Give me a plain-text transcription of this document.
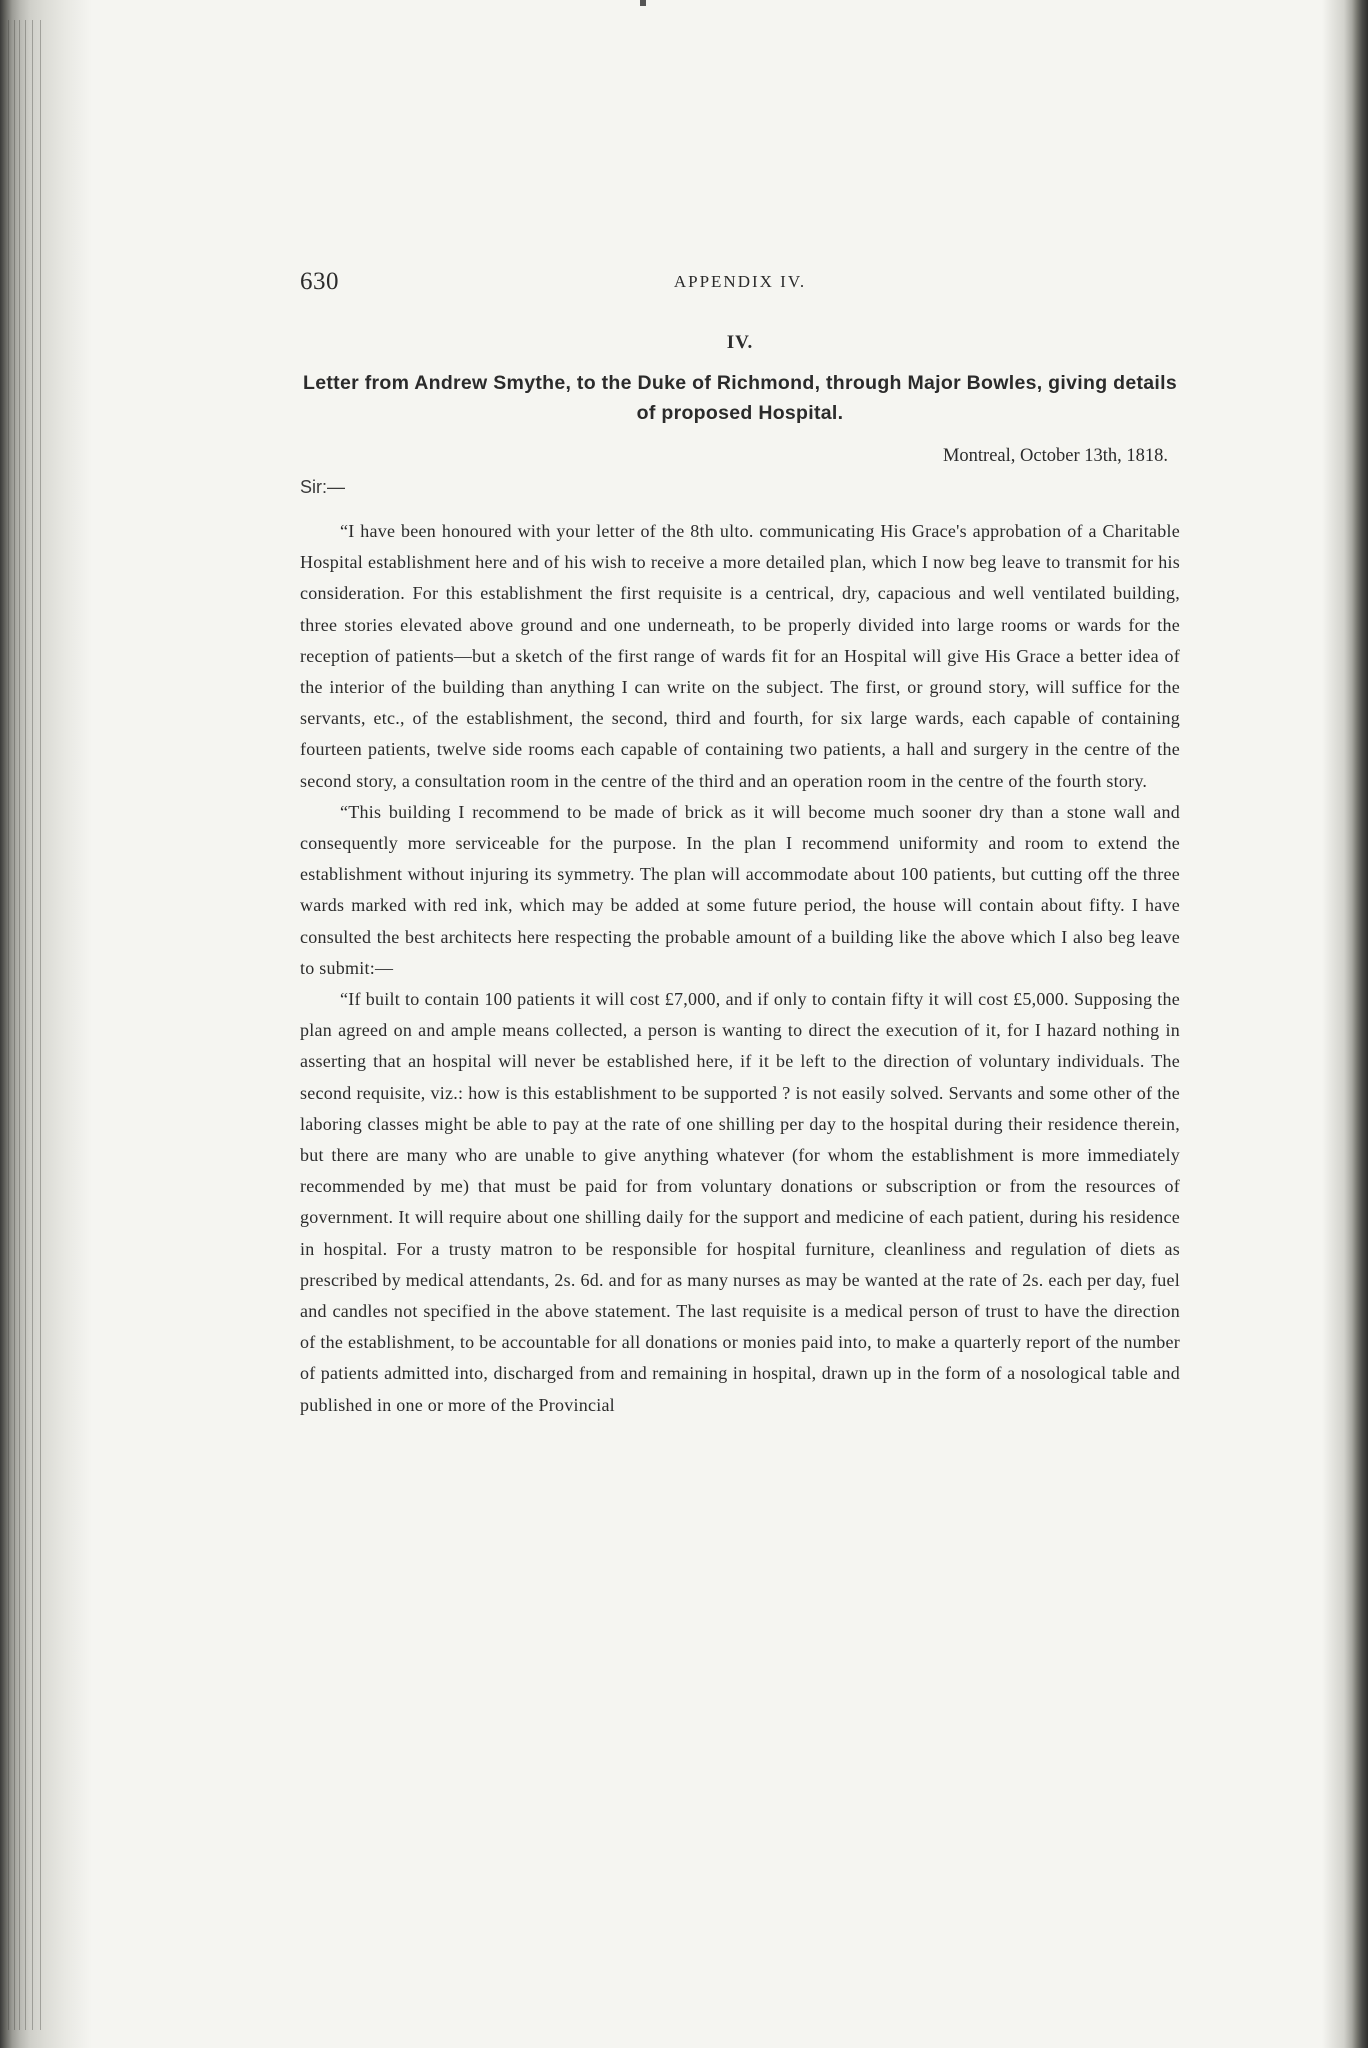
630	APPENDIX IV.
IV.
Letter from Andrew Smythe, to the Duke of Richmond, through Major Bowles, giving details of proposed Hospital.
Montreal, October 13th, 1818.
Sir:—

“I have been honoured with your letter of the 8th ulto. communicating His Grace's approbation of a Charitable Hospital establishment here and of his wish to receive a more detailed plan, which I now beg leave to transmit for his consideration. For this establishment the first requisite is a centrical, dry, capacious and well ventilated building, three stories elevated above ground and one underneath, to be properly divided into large rooms or wards for the reception of patients—but a sketch of the first range of wards fit for an Hospital will give His Grace a better idea of the interior of the building than anything I can write on the subject. The first, or ground story, will suffice for the servants, etc., of the establishment, the second, third and fourth, for six large wards, each capable of containing fourteen patients, twelve side rooms each capable of containing two patients, a hall and surgery in the centre of the second story, a consultation room in the centre of the third and an operation room in the centre of the fourth story.

“This building I recommend to be made of brick as it will become much sooner dry than a stone wall and consequently more serviceable for the purpose. In the plan I recommend uniformity and room to extend the establishment without injuring its symmetry. The plan will accommodate about 100 patients, but cutting off the three wards marked with red ink, which may be added at some future period, the house will contain about fifty. I have consulted the best architects here respecting the probable amount of a building like the above which I also beg leave to submit:—

“If built to contain 100 patients it will cost £7,000, and if only to contain fifty it will cost £5,000. Supposing the plan agreed on and ample means collected, a person is wanting to direct the execution of it, for I hazard nothing in asserting that an hospital will never be established here, if it be left to the direction of voluntary individuals. The second requisite, viz.: how is this establishment to be supported ? is not easily solved. Servants and some other of the laboring classes might be able to pay at the rate of one shilling per day to the hospital during their residence therein, but there are many who are unable to give anything whatever (for whom the establishment is more immediately recommended by me) that must be paid for from voluntary donations or subscription or from the resources of government. It will require about one shilling daily for the support and medicine of each patient, during his residence in hospital. For a trusty matron to be responsible for hospital furniture, cleanliness and regulation of diets as prescribed by medical attendants, 2s. 6d. and for as many nurses as may be wanted at the rate of 2s. each per day, fuel and candles not specified in the above statement. The last requisite is a medical person of trust to have the direction of the establishment, to be accountable for all donations or monies paid into, to make a quarterly report of the number of patients admitted into, discharged from and remaining in hospital, drawn up in the form of a nosological table and published in one or more of the Provincial
